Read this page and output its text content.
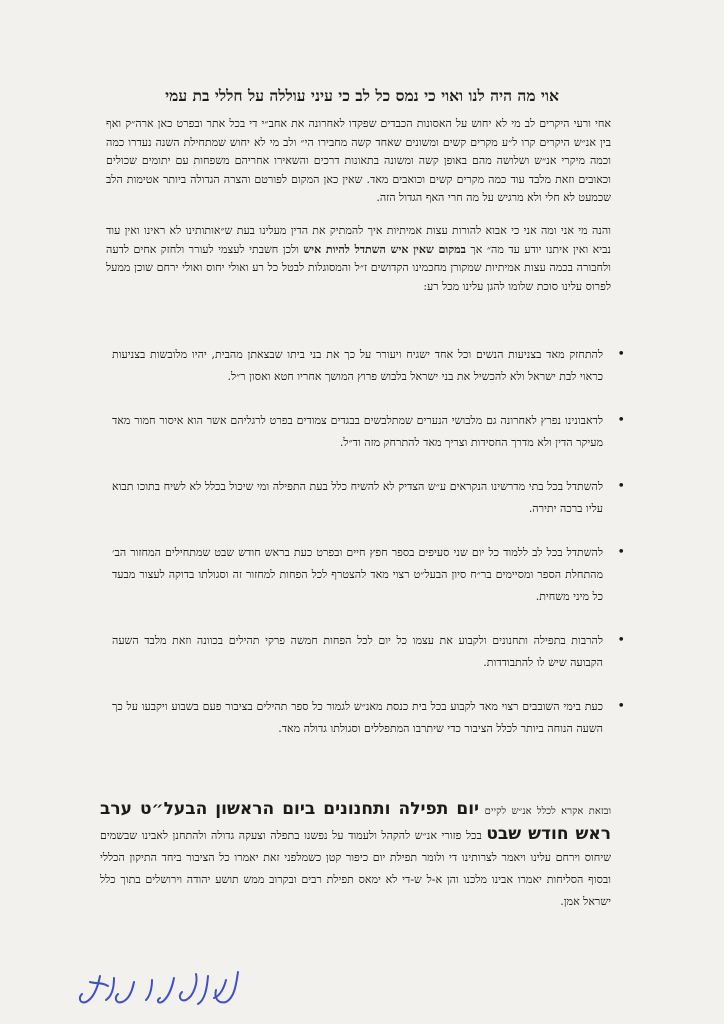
אוי מה היה לנו ואוי כי נמס כל לב כי עיני עוללה על חללי בת עמי

אחי ורעי היקרים לב מי לא יחוש על האסונות הכבדים שפקדו לאחרונה את אחב״י די בכל אתר ובפרט כאן ארה״ק ואף בין אנ״ש היקרים קרו ל״ע מקרים קשים ומשונים שאחד קשה מחבירו הי״ ולב מי לא יחוש שמתחילת השנה נעדרו כמה וכמה מיקרי אנ״ש ושלושה מהם באופן קשה ומשונה בתאונות דרכים והשאירו אחריהם משפחות עם יתומים שכולים וכאובים וזאת מלבד עוד כמה מקרים קשים וכואבים מאד. שאין כאן המקום לפורטם והצרה הגדולה ביותר אטימות הלב שכמעט לא חלי ולא מרגיש על מה חרי האף הגדול הזה.

והנה מי אני ומה אני כי אבוא להורות עצות אמיתיות איך להמתיק את הדין מעלינו בעת ש״אותותינו לא ראינו ואין עוד נביא ואין איתנו יודע עד מה״ אך במקום שאין איש השתדל להיות איש ולכן חשבתי לעצמי לעורר ולחזק אחים לדעה ולחבורה בכמה עצות אמיתיות שמקורן מחכמינו הקדושים ז״ל והמסוגלות לבטל כל רע ואולי יחוס ואולי ירחם שוכן ממעל לפרוס עלינו סוכת שלומו להגן עלינו מכל רע:

• להתחזק מאד בצניעות הנשים וכל אחד ישגיח ויעורר על כך את בני ביתו שבצאתן מהבית, יהיו מלובשות בצניעות כראוי לבת ישראל ולא להכשיל את בני ישראל בלבוש פרוץ המושך אחריו חטא ואסון ר״ל.
• לדאבונינו נפרץ לאחרונה גם מלבושי הנערים שמתלבשים בבגדים צמודים בפרט לרגליהם אשר הוא איסור חמור מאד מעיקר הדין ולא מדרך החסידות וצריך מאד להתרחק מזה וד״ל.
• להשתדל בכל בתי מדרשינו הנקראים ע״ש הצדיק לא להשיח כלל בעת התפילה ומי שיכול בכלל לא לשיח בתוכו תבוא עליו ברכה יתירה.
• להשתדל בכל לב ללמוד כל יום שני סעיפים בספר חפץ חיים ובפרט כעת בראש חודש שבט שמתחילים המחזור הב׳ מהתחלת הספר ומסיימים בר״ח סיון הבעל״ט רצוי מאד להצטרף לכל הפחות למחזור זה וסגולתו בדוקה לעצור מבעד כל מיני משחית.
• להרבות בתפילה ותחנונים ולקבוע את עצמו כל יום לכל הפחות חמשה פרקי תהילים בכוונה וזאת מלבד השעה הקבועה שיש לו להתבודדות.
• כעת בימי השובבים רצוי מאד לקבוע בכל בית כנסת מאנ״ש לגמור כל ספר תהילים בציבור פעם בשבוע ויקבעו על כך השעה הנוחה ביותר לכלל הציבור כדי שיתרבו המתפללים וסגולתו גדולה מאד.

ובזאת אקרא לכלל אנ״ש לקיים יום תפילה ותחנונים ביום הראשון הבעל״ט ערב ראש חודש שבט בכל פזורי אנ״ש להקהל ולעמוד על נפשנו בתפלה וצעקה גדולה ולהתחנן לאבינו שבשמים שיחוס וירחם עלינו ויאמר לצרותינו די ולומר תפילת יום כיפור קטן כשמלפני זאת יאמרו כל הציבור ביחד התיקון הכללי ובסוף הסליחות יאמרו אבינו מלכנו והן א-ל ש-די לא ימאס תפילת רבים ובקרוב ממש תושע יהודה וירושלים בתוך כלל ישראל אמן.
